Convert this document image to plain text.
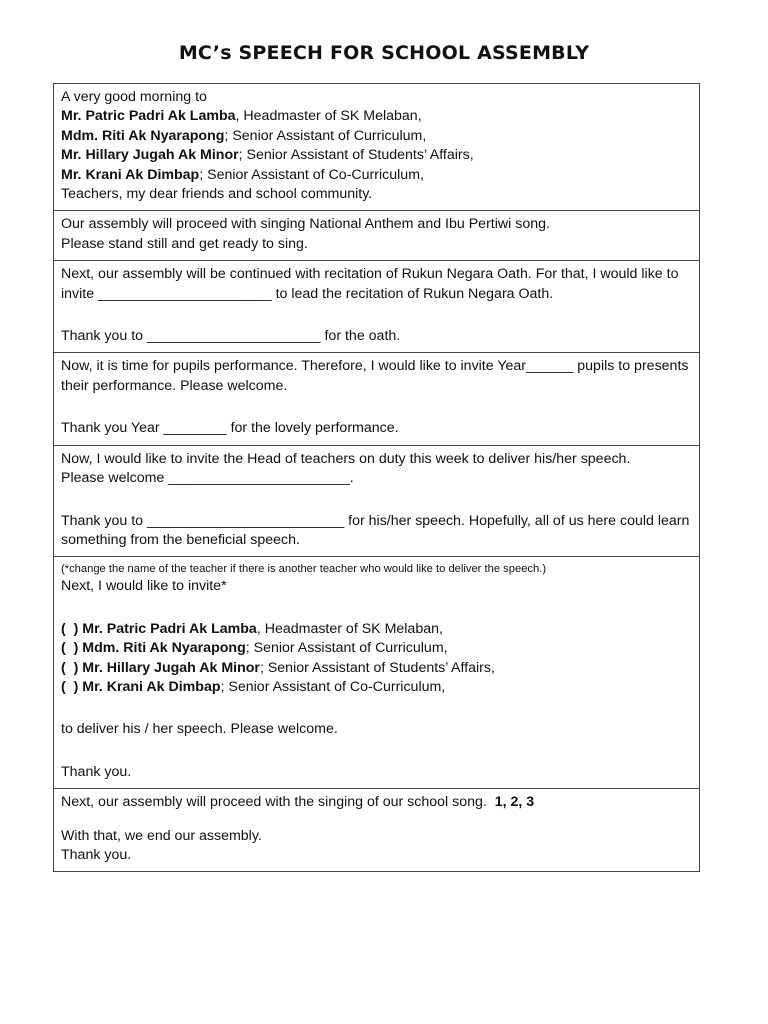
MC’s SPEECH FOR SCHOOL ASSEMBLY
A very good morning to
Mr. Patric Padri Ak Lamba, Headmaster of SK Melaban,
Mdm. Riti Ak Nyarapong; Senior Assistant of Curriculum,
Mr. Hillary Jugah Ak Minor; Senior Assistant of Students’ Affairs,
Mr. Krani Ak Dimbap; Senior Assistant of Co-Curriculum,
Teachers, my dear friends and school community.
Our assembly will proceed with singing National Anthem and Ibu Pertiwi song.
Please stand still and get ready to sing.
Next, our assembly will be continued with recitation of Rukun Negara Oath. For that, I would like to invite ______________________ to lead the recitation of Rukun Negara Oath.
Thank you to ______________________ for the oath.
Now, it is time for pupils performance. Therefore, I would like to invite Year______ pupils to presents their performance. Please welcome.
Thank you Year ________ for the lovely performance.
Now, I would like to invite the Head of teachers on duty this week to deliver his/her speech.
Please welcome _______________________.
Thank you to _________________________ for his/her speech. Hopefully, all of us here could learn something from the beneficial speech.
(*change the name of the teacher if there is another teacher who would like to deliver the speech.)
Next, I would like to invite*
(  ) Mr. Patric Padri Ak Lamba, Headmaster of SK Melaban,
(  ) Mdm. Riti Ak Nyarapong; Senior Assistant of Curriculum,
(  ) Mr. Hillary Jugah Ak Minor; Senior Assistant of Students’ Affairs,
(  ) Mr. Krani Ak Dimbap; Senior Assistant of Co-Curriculum,
to deliver his / her speech. Please welcome.
Thank you.
Next, our assembly will proceed with the singing of our school song. 1, 2, 3
With that, we end our assembly.
Thank you.
